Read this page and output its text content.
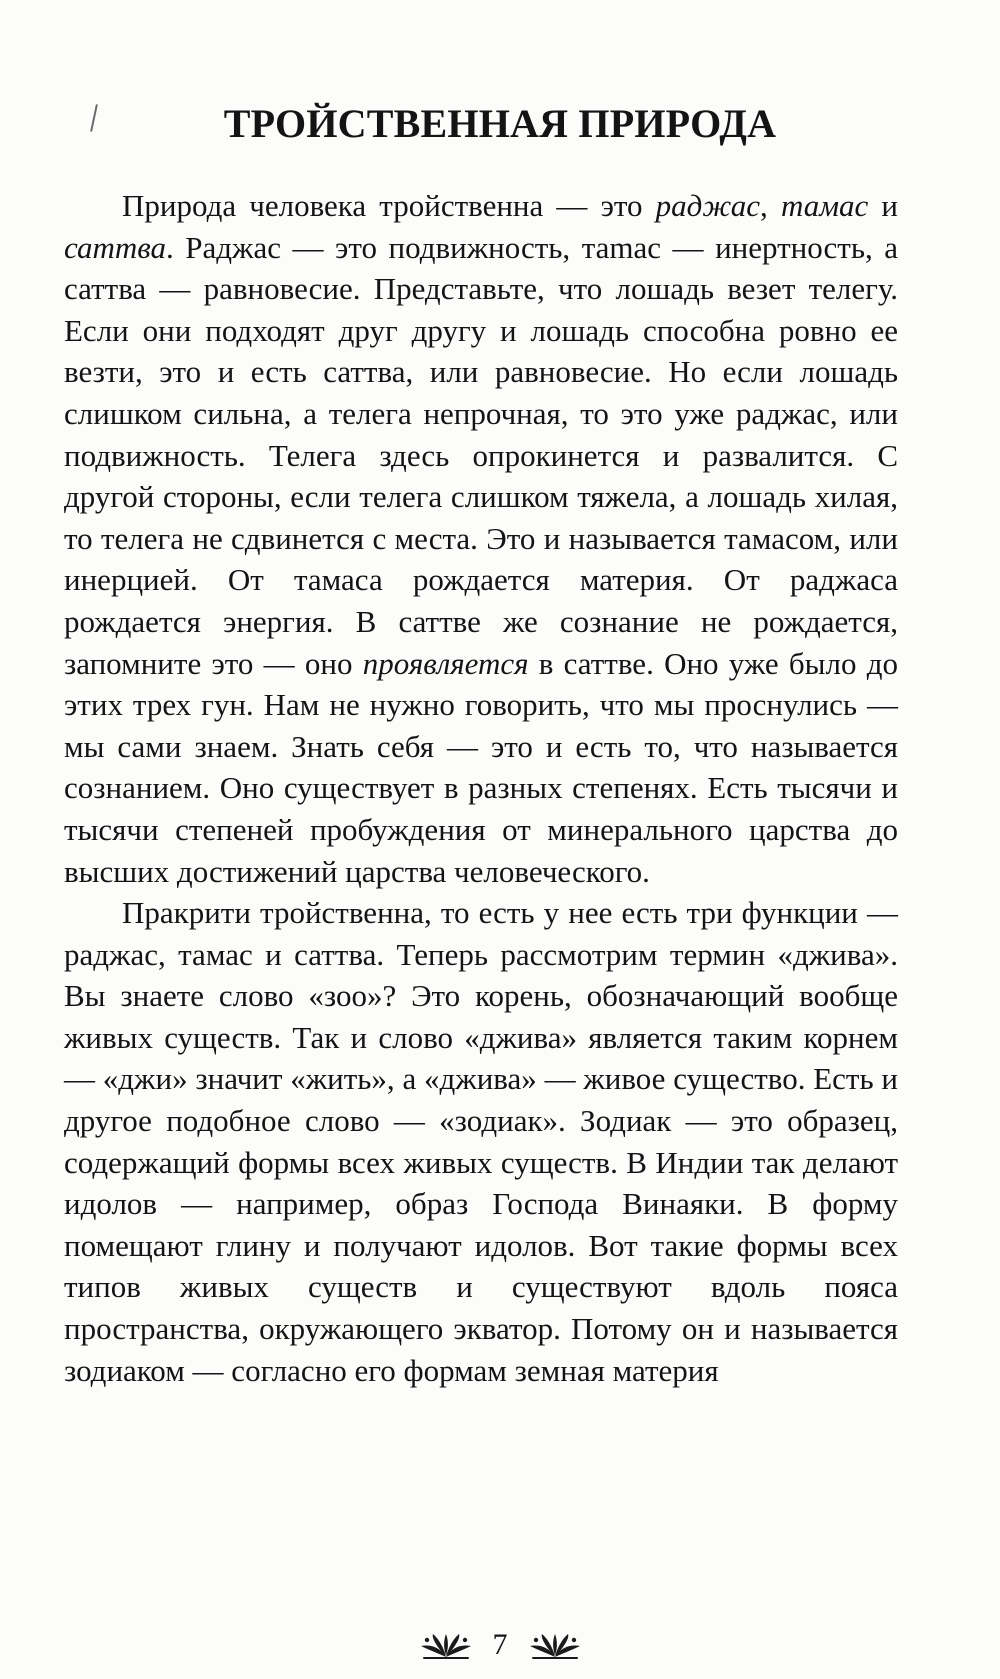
ТРОЙСТВЕННАЯ ПРИРОДА

Природа человека тройственна — это раджас, тамас и саттва. Раджас — это подвижность, таmас — инертность, а саттва — равновесие. Представьте, что лошадь везет телегу. Если они подходят друг другу и лошадь способна ровно ее везти, это и есть саттва, или равновесие. Но если лошадь слишком сильна, а телега непрочная, то это уже раджас, или подвижность. Телега здесь опрокинется и развалится. С другой стороны, если телега слишком тяжела, а лошадь хилая, то телега не сдвинется с места. Это и называется тамасом, или инерцией. От тамаса рождается материя. От раджаса рождается энергия. В саттве же сознание не рождается, запомните это — оно проявляется в саттве. Оно уже было до этих трех гун. Нам не нужно говорить, что мы проснулись — мы сами знаем. Знать себя — это и есть то, что называется сознанием. Оно существует в разных степенях. Есть тысячи и тысячи степеней пробуждения от минерального царства до высших достижений царства человеческого.

Пракрити тройственна, то есть у нее есть три функции — раджас, тамас и саттва. Теперь рассмотрим термин «джива». Вы знаете слово «зоо»? Это корень, обозначающий вообще живых существ. Так и слово «джива» является таким корнем — «джи» значит «жить», а «джива» — живое существо. Есть и другое подобное слово — «зодиак». Зодиак — это образец, содержащий формы всех живых существ. В Индии так делают идолов — например, образ Господа Винаяки. В форму помещают глину и получают идолов. Вот такие формы всех типов живых существ и существуют вдоль пояса пространства, окружающего экватор. Потому он и называется зодиаком — согласно его формам земная материя

7
